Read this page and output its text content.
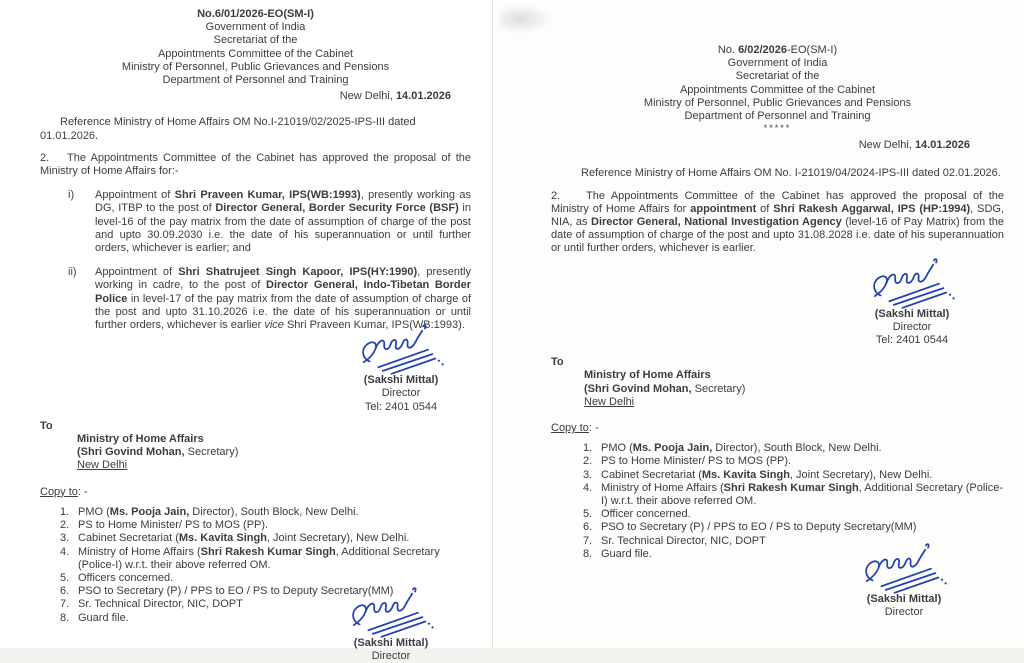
No.6/01/2026-EO(SM-I)
Government of India
Secretariat of the
Appointments Committee of the Cabinet
Ministry of Personnel, Public Grievances and Pensions
Department of Personnel and Training
New Delhi, 14.01.2026
Reference Ministry of Home Affairs OM No.I-21019/02/2025-IPS-III dated 01.01.2026.
2. The Appointments Committee of the Cabinet has approved the proposal of the Ministry of Home Affairs for:-
i)	Appointment of Shri Praveen Kumar, IPS(WB:1993), presently working as DG, ITBP to the post of Director General, Border Security Force (BSF) in level-16 of the pay matrix from the date of assumption of charge of the post and upto 30.09.2030 i.e. the date of his superannuation or until further orders, whichever is earlier; and
ii)	Appointment of Shri Shatrujeet Singh Kapoor, IPS(HY:1990), presently working in cadre, to the post of Director General, Indo-Tibetan Border Police in level-17 of the pay matrix from the date of assumption of charge of the post and upto 31.10.2026 i.e. the date of his superannuation or until further orders, whichever is earlier vice Shri Praveen Kumar, IPS(WB:1993).
(Sakshi Mittal)
Director
Tel: 2401 0544
To
Ministry of Home Affairs
(Shri Govind Mohan, Secretary)
New Delhi
Copy to: -
1. PMO (Ms. Pooja Jain, Director), South Block, New Delhi.
2. PS to Home Minister/ PS to MOS (PP).
3. Cabinet Secretariat (Ms. Kavita Singh, Joint Secretary), New Delhi.
4. Ministry of Home Affairs (Shri Rakesh Kumar Singh, Additional Secretary (Police-I) w.r.t. their above referred OM.
5. Officers concerned.
6. PSO to Secretary (P) / PPS to EO / PS to Deputy Secretary(MM)
7. Sr. Technical Director, NIC, DOPT
8. Guard file.
(Sakshi Mittal)
Director
No. 6/02/2026-EO(SM-I)
Government of India
Secretariat of the
Appointments Committee of the Cabinet
Ministry of Personnel, Public Grievances and Pensions
Department of Personnel and Training
*****
New Delhi, 14.01.2026
Reference Ministry of Home Affairs OM No. I-21019/04/2024-IPS-III dated 02.01.2026.
2. The Appointments Committee of the Cabinet has approved the proposal of the Ministry of Home Affairs for appointment of Shri Rakesh Aggarwal, IPS (HP:1994), SDG, NIA, as Director General, National Investigation Agency (level-16 of Pay Matrix) from the date of assumption of charge of the post and upto 31.08.2028 i.e. date of his superannuation or until further orders, whichever is earlier.
(Sakshi Mittal)
Director
Tel: 2401 0544
To
Ministry of Home Affairs
(Shri Govind Mohan, Secretary)
New Delhi
Copy to: -
1. PMO (Ms. Pooja Jain, Director), South Block, New Delhi.
2. PS to Home Minister/ PS to MOS (PP).
3. Cabinet Secretariat (Ms. Kavita Singh, Joint Secretary), New Delhi.
4. Ministry of Home Affairs (Shri Rakesh Kumar Singh, Additional Secretary (Police-I) w.r.t. their above referred OM.
5. Officer concerned.
6. PSO to Secretary (P) / PPS to EO / PS to Deputy Secretary(MM)
7. Sr. Technical Director, NIC, DOPT
8. Guard file.
(Sakshi Mittal)
Director
